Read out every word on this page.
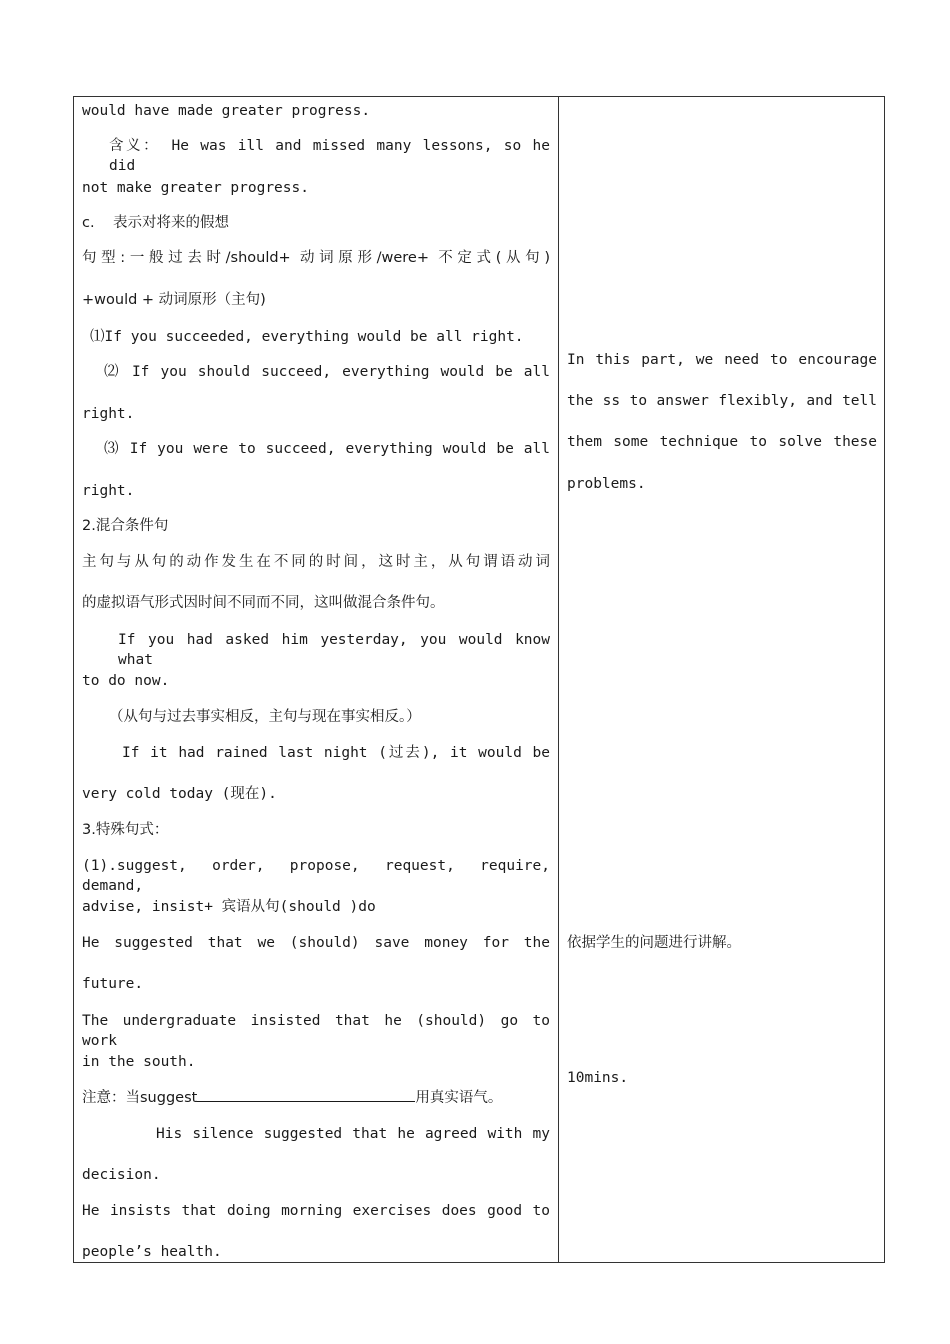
would have made greater progress.
含义： He was ill and missed many lessons, so he did
not make greater progress.
c.    表示对将来的假想
句型:一般过去时/should+ 动词原形/were+ 不定式(从句)
+would + 动词原形（主句)
⑴If you succeeded, everything would be all right.
⑵ If you should succeed, everything would be all
right.
⑶ If you were to succeed, everything would be all
right.
2.混合条件句
主句与从句的动作发生在不同的时间，这时主，从句谓语动词
的虚拟语气形式因时间不同而不同，这叫做混合条件句。
If you had asked him yesterday, you would know what
to do now.
（从句与过去事实相反，主句与现在事实相反。）
If it had rained last night (过去), it would be
very cold today (现在).
3.特殊句式：
(1).suggest, order, propose, request, require, demand,
advise, insist+ 宾语从句(should )do
He suggested that we (should) save money for the
future.
The undergraduate insisted that he (should) go to work
in the south.
注意：当suggest	用真实语气。
His silence suggested that he agreed with my
decision.
He insists that doing morning exercises does good to
people’s health.
In this part, we need to encourage
the ss to answer flexibly, and tell
them some technique to solve these
problems.
依据学生的问题进行讲解。
10mins.
